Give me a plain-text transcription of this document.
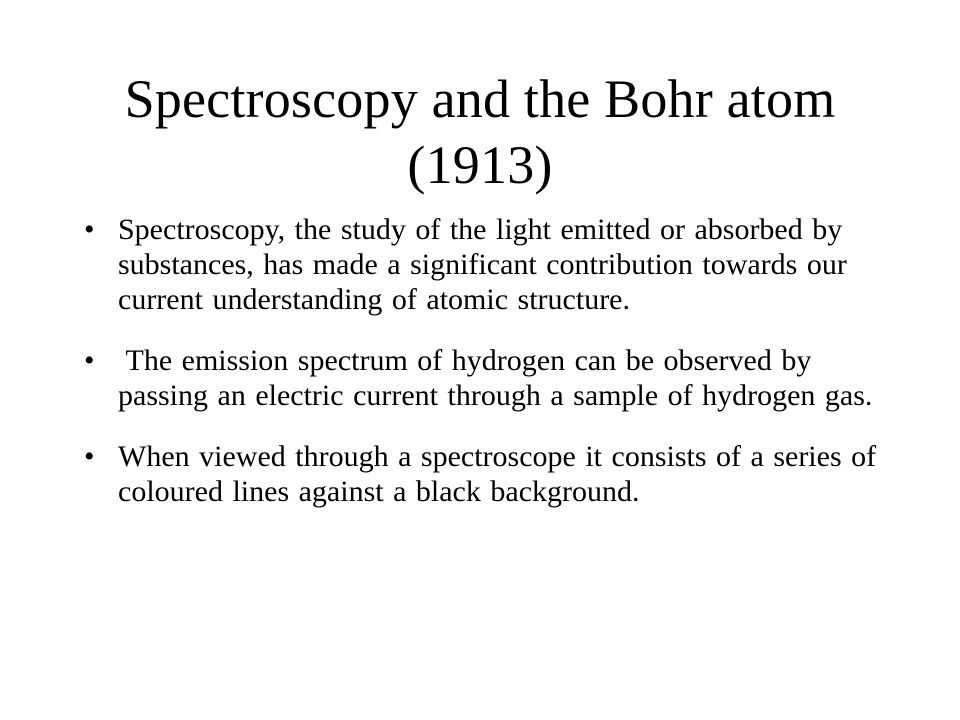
Spectroscopy and the Bohr atom (1913)
• Spectroscopy, the study of the light emitted or absorbed by substances, has made a significant contribution towards our current understanding of atomic structure.
• The emission spectrum of hydrogen can be observed by passing an electric current through a sample of hydrogen gas.
• When viewed through a spectroscope it consists of a series of coloured lines against a black background.
